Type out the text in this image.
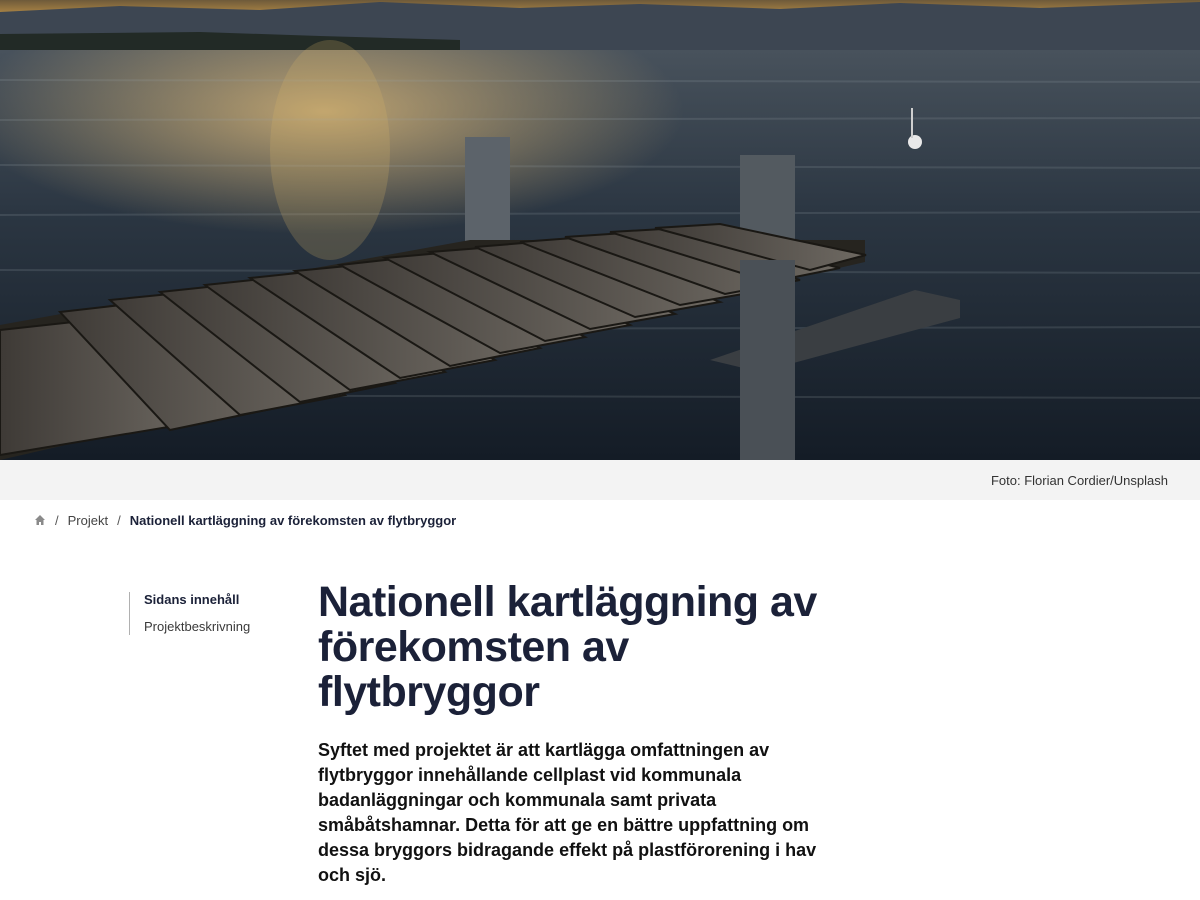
Foto: Florian Cordier/Unsplash
/ Projekt / Nationell kartläggning av förekomsten av flytbryggor
Sidans innehåll
Projektbeskrivning
Nationell kartläggning av förekomsten av flytbryggor

Syftet med projektet är att kartlägga omfattningen av flytbryggor innehållande cellplast vid kommunala badanläggningar och kommunala samt privata småbåtshamnar. Detta för att ge en bättre uppfattning om dessa bryggors bidragande effekt på plastförorening i hav och sjö.
